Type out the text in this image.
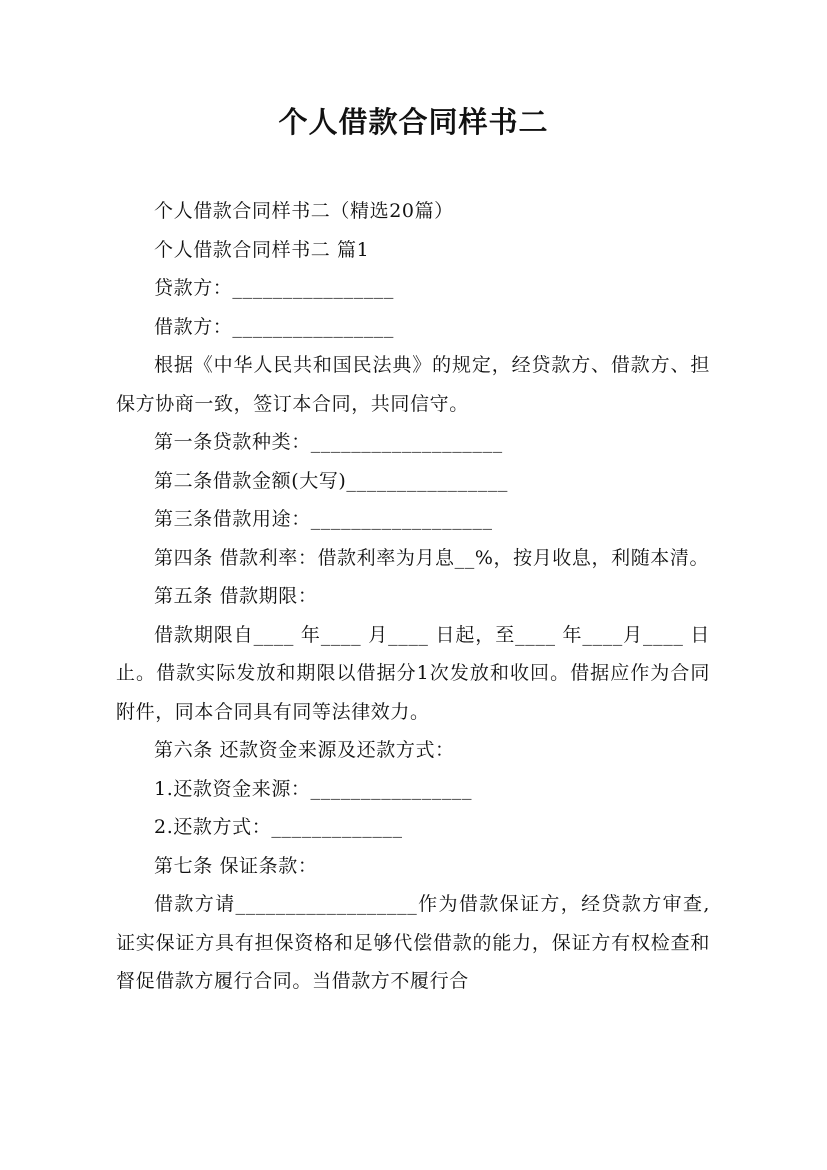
个人借款合同样书二

个人借款合同样书二（精选20篇）

个人借款合同样书二 篇1

贷款方：________________

借款方：________________

根据《中华人民共和国民法典》的规定，经贷款方、借款方、担保方协商一致，签订本合同，共同信守。

第一条贷款种类：___________________

第二条借款金额(大写)________________

第三条借款用途：__________________

第四条 借款利率：借款利率为月息__%，按月收息，利随本清。

第五条 借款期限：

借款期限自____ 年____ 月____ 日起，至____ 年____月____ 日止。借款实际发放和期限以借据分1次发放和收回。借据应作为合同附件，同本合同具有同等法律效力。

第六条 还款资金来源及还款方式：

1.还款资金来源：________________

2.还款方式：_____________

第七条 保证条款：

借款方请__________________作为借款保证方，经贷款方审查,证实保证方具有担保资格和足够代偿借款的能力，保证方有权检查和督促借款方履行合同。当借款方不履行合
